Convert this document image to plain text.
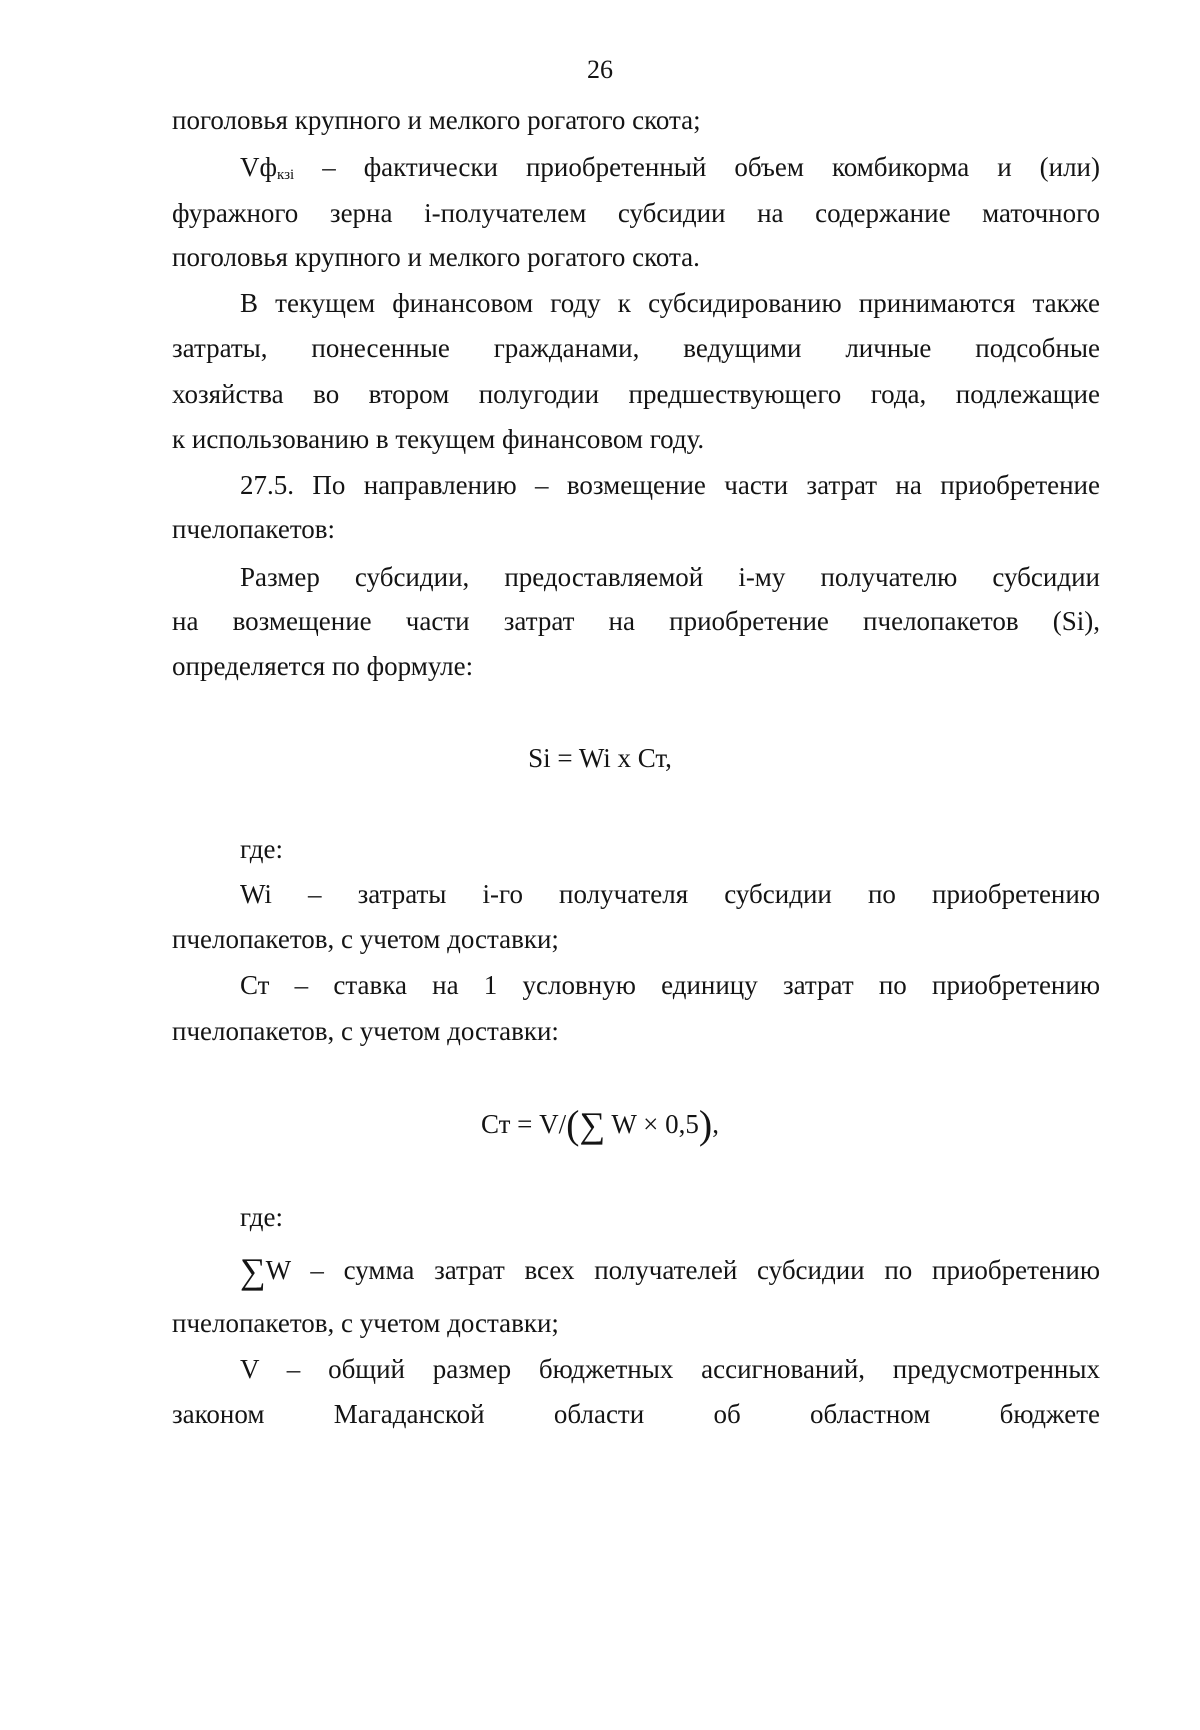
26
поголовья крупного и мелкого рогатого скота;
$Vф_{кзi}$ – фактически приобретенный объем комбикорма и (или)
фуражного зерна i-получателем субсидии на содержание маточного
поголовья крупного и мелкого рогатого скота.
В текущем финансовом году к субсидированию принимаются также
затраты, понесенные гражданами, ведущими личные подсобные
хозяйства во втором полугодии предшествующего года, подлежащие
к использованию в текущем финансовом году.
27.5. По направлению – возмещение части затрат на приобретение
пчелопакетов:
Размер субсидии, предоставляемой i-му получателю субсидии
на возмещение части затрат на приобретение пчелопакетов (Si),
определяется по формуле:
Si = Wi x Ст,
где:
Wi – затраты i-го получателя субсидии по приобретению
пчелопакетов, с учетом доставки;
Ст – ставка на 1 условную единицу затрат по приобретению
пчелопакетов, с учетом доставки:
Ст = V/(∑ W × 0,5),
где:
∑W – сумма затрат всех получателей субсидии по приобретению
пчелопакетов, с учетом доставки;
V – общий размер бюджетных ассигнований, предусмотренных
законом Магаданской области об областном бюджете
